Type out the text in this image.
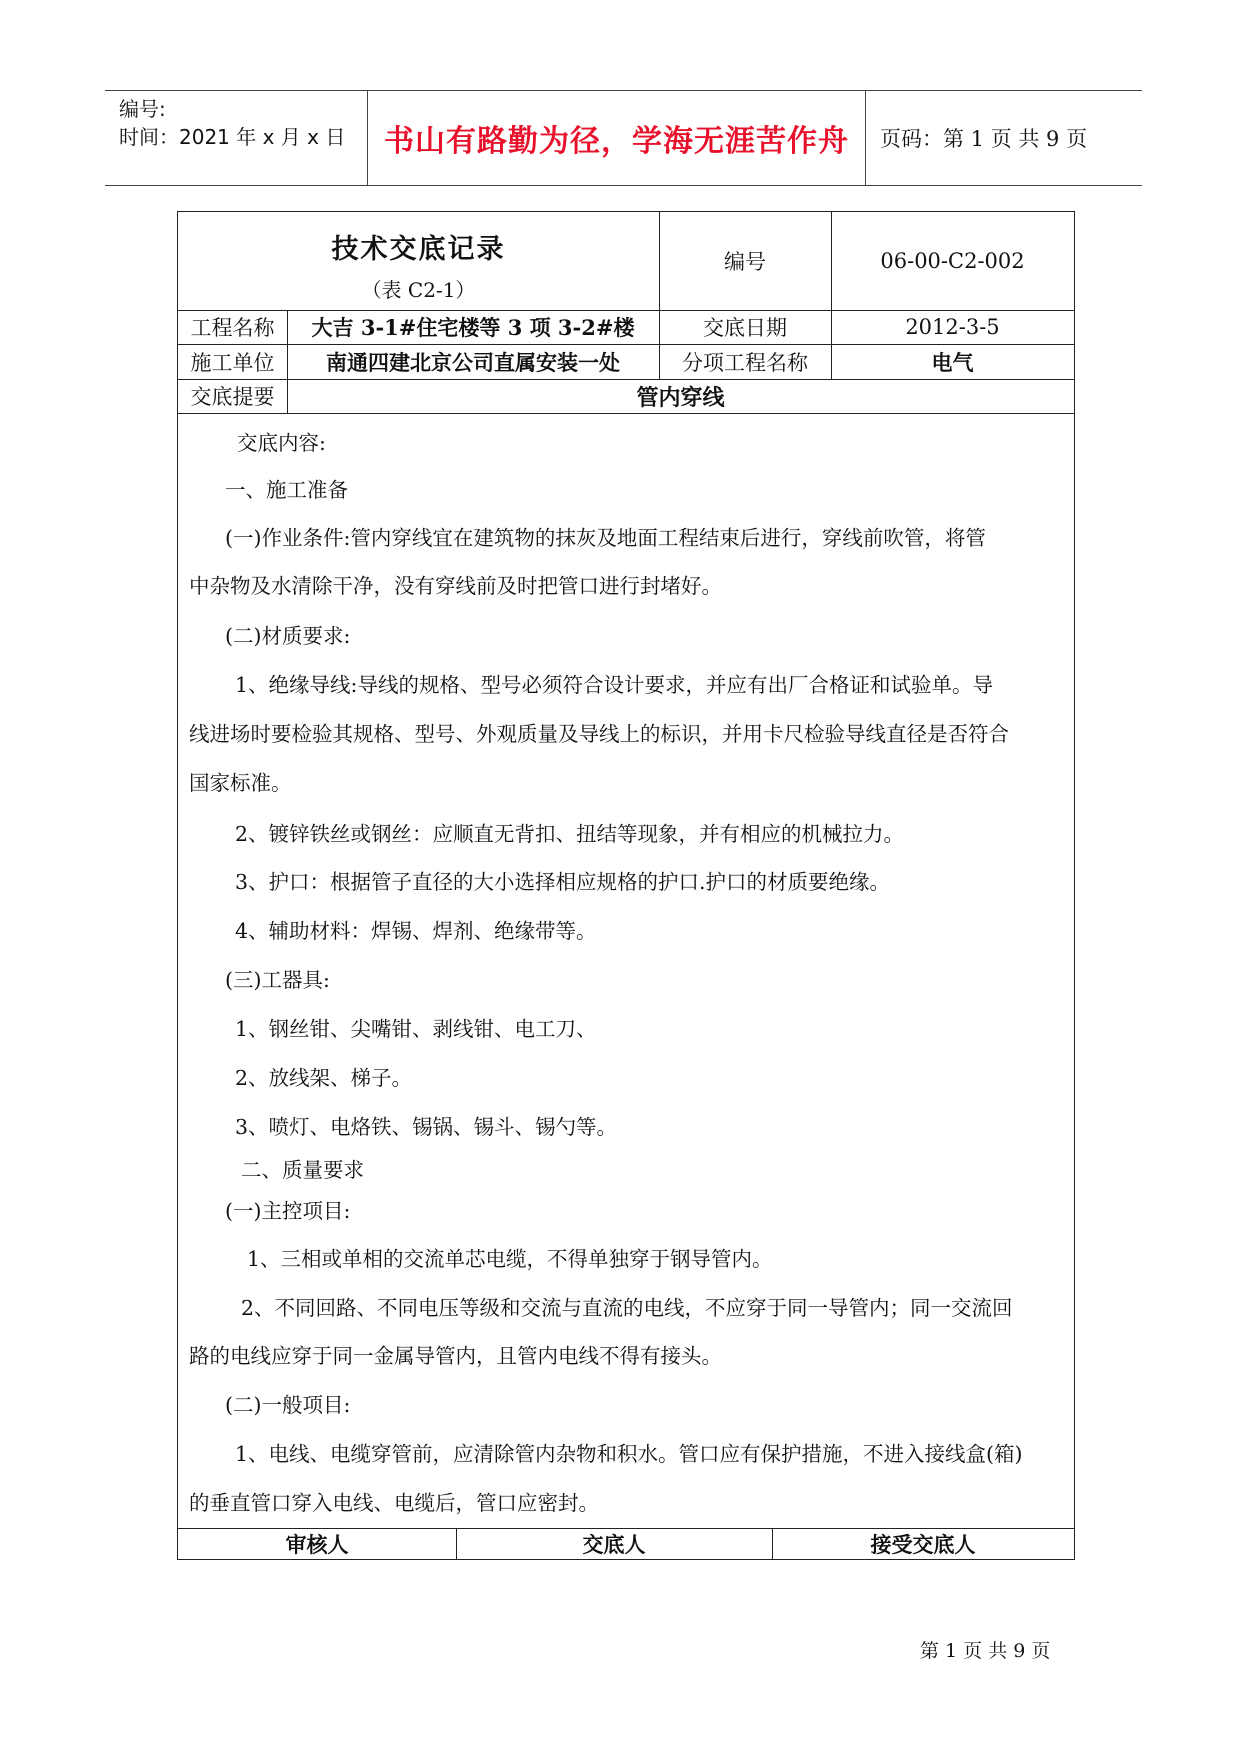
编号:
时间：2021 年 x 月 x 日 书山有路勤为径，学海无涯苦作舟 页码：第 1 页 共 9 页
技术交底记录
（表 C2-1）
编号	06-00-C2-002
工程名称	大吉 3-1#住宅楼等 3 项 3-2#楼	交底日期	2012-3-5
施工单位	南通四建北京公司直属安装一处	分项工程名称	电气
交底提要	管内穿线
交底内容:
一、施工准备
(一)作业条件:管内穿线宜在建筑物的抹灰及地面工程结束后进行，穿线前吹管，将管
中杂物及水清除干净，没有穿线前及时把管口进行封堵好。
(二)材质要求:
1、绝缘导线:导线的规格、型号必须符合设计要求，并应有出厂合格证和试验单。导
线进场时要检验其规格、型号、外观质量及导线上的标识，并用卡尺检验导线直径是否符合
国家标准。
2、镀锌铁丝或钢丝：应顺直无背扣、扭结等现象，并有相应的机械拉力。
3、护口：根据管子直径的大小选择相应规格的护口.护口的材质要绝缘。
4、辅助材料：焊锡、焊剂、绝缘带等。
(三)工器具:
1、钢丝钳、尖嘴钳、剥线钳、电工刀、
2、放线架、梯子。
3、喷灯、电烙铁、锡锅、锡斗、锡勺等。
二、质量要求
(一)主控项目:
1、三相或单相的交流单芯电缆，不得单独穿于钢导管内。
2、不同回路、不同电压等级和交流与直流的电线，不应穿于同一导管内；同一交流回
路的电线应穿于同一金属导管内，且管内电线不得有接头。
(二)一般项目:
1、电线、电缆穿管前，应清除管内杂物和积水。管口应有保护措施，不进入接线盒(箱)
的垂直管口穿入电线、电缆后，管口应密封。
审核人	交底人	接受交底人
第 1 页 共 9 页
